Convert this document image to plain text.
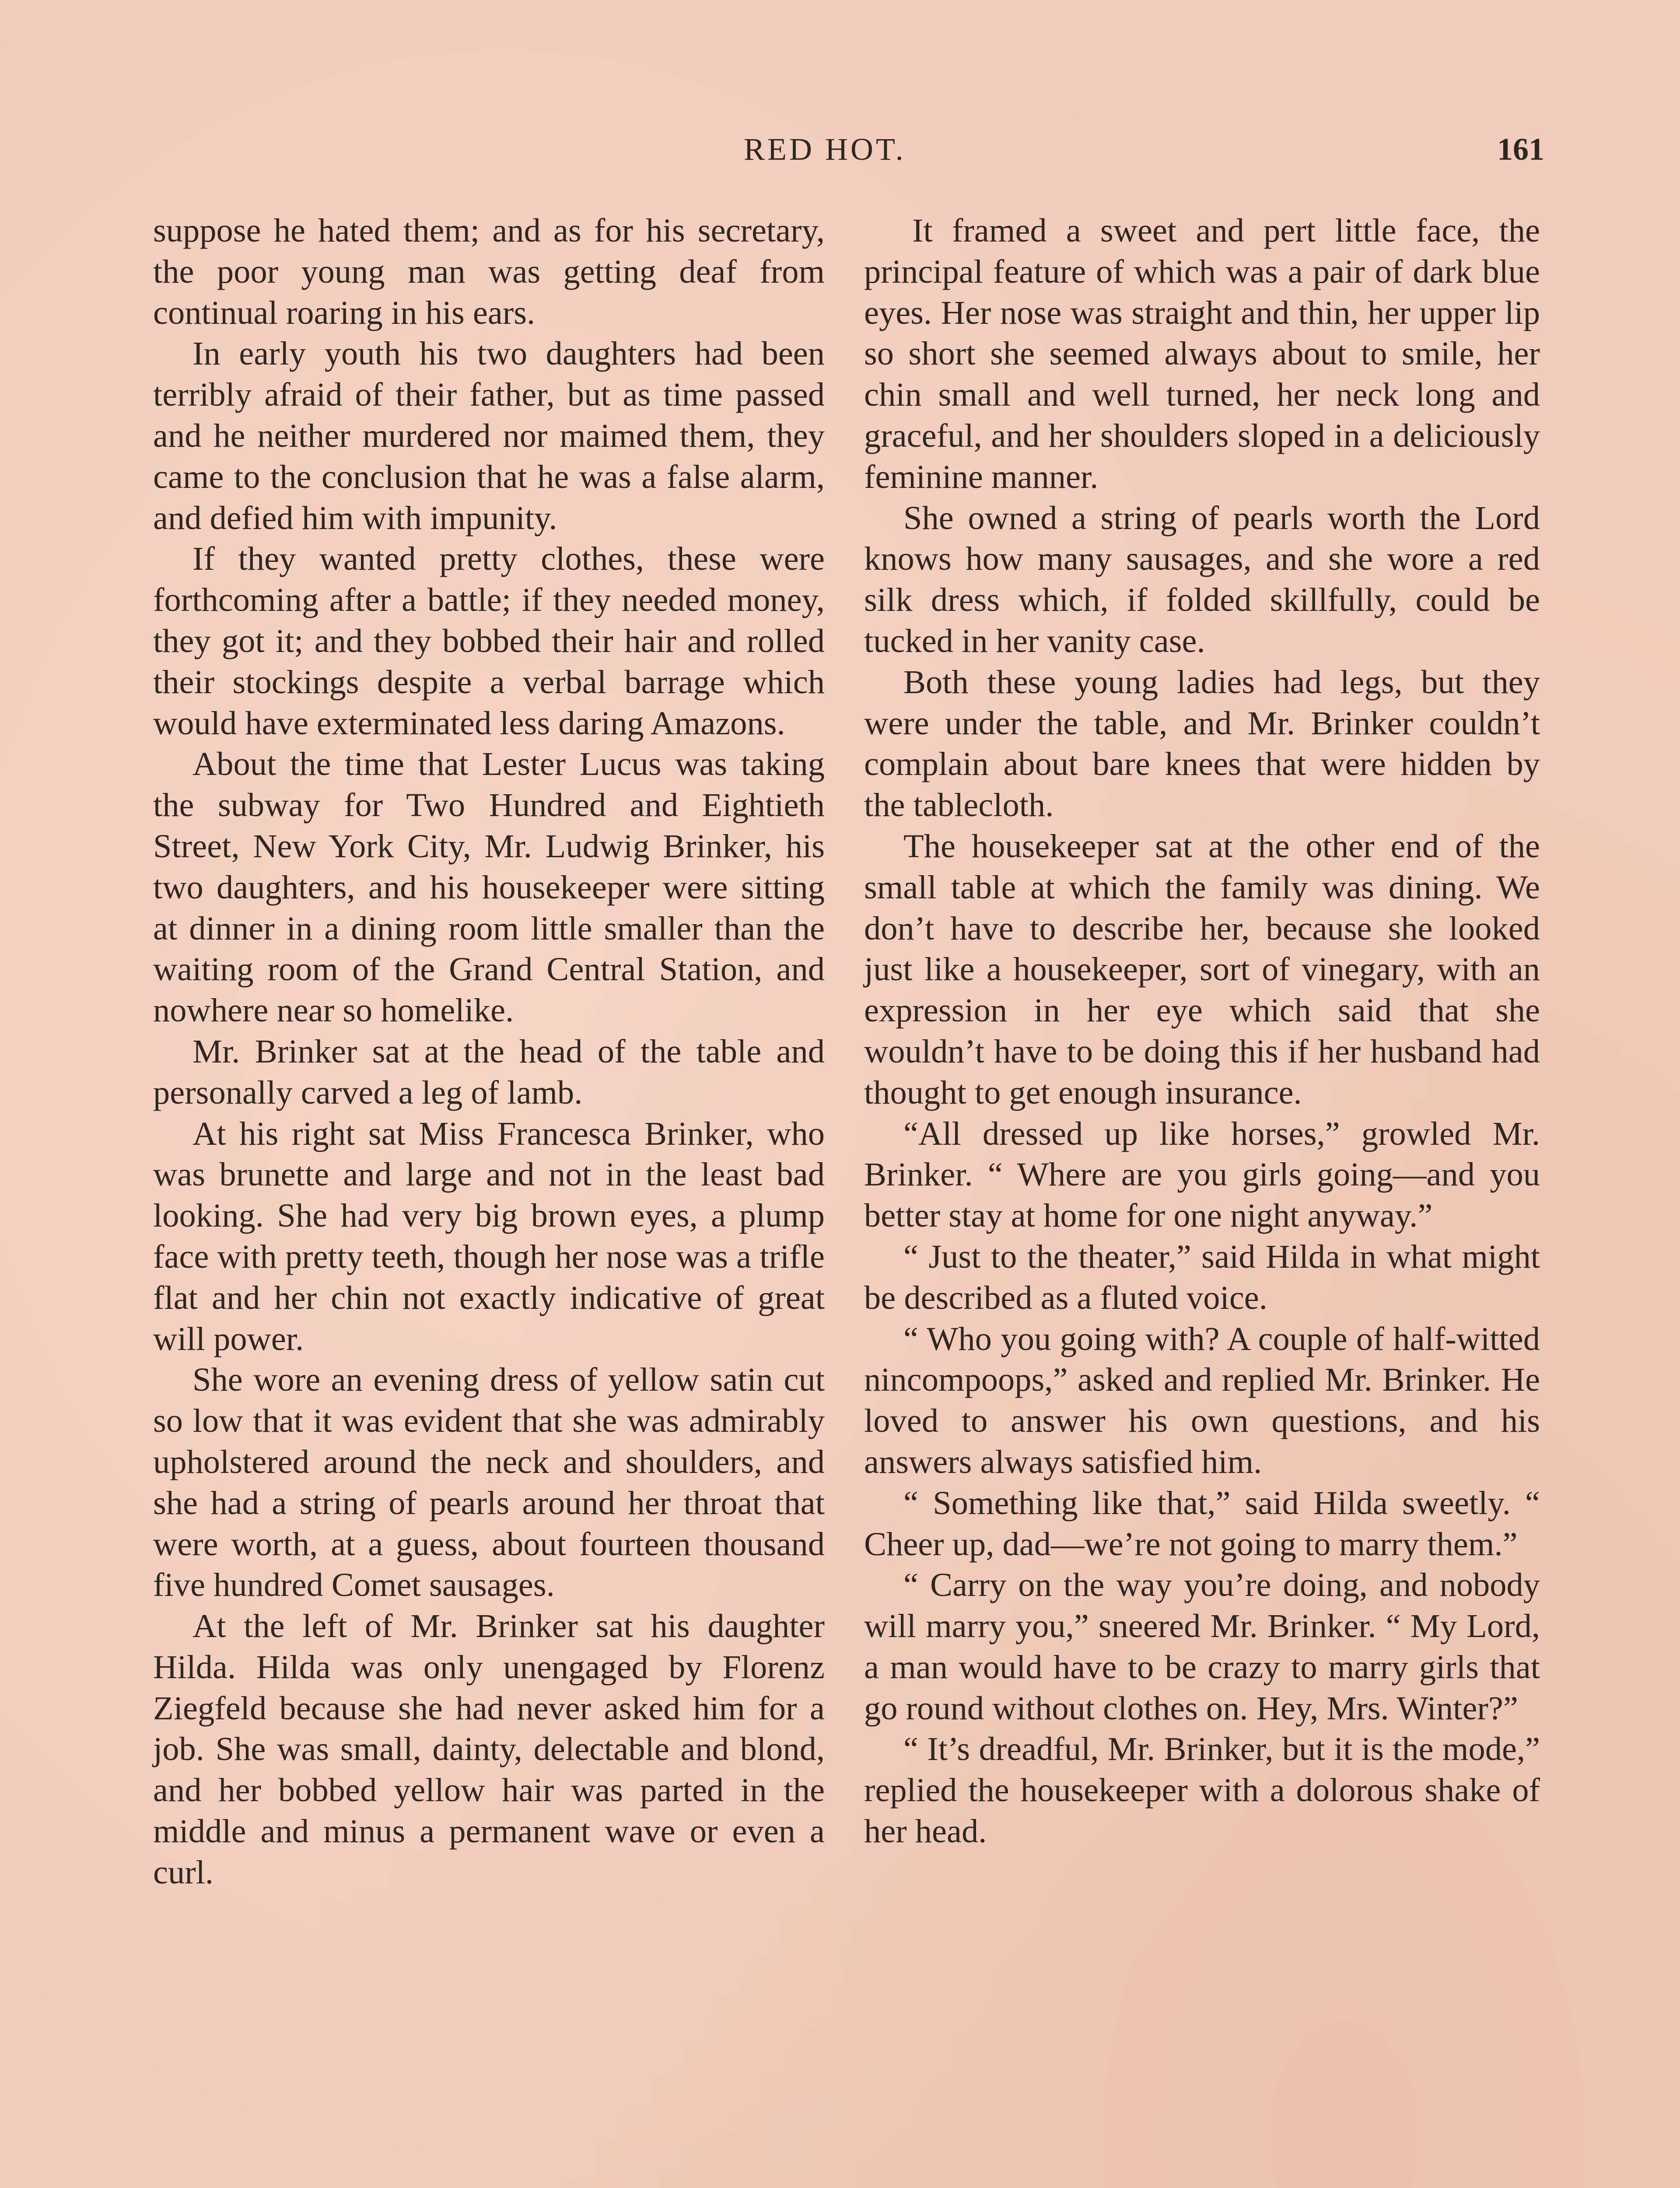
RED HOT.	161

suppose he hated them; and as for his secretary, the poor young man was getting deaf from continual roaring in his ears.

In early youth his two daughters had been terribly afraid of their father, but as time passed and he neither murdered nor maimed them, they came to the conclusion that he was a false alarm, and defied him with impunity.

If they wanted pretty clothes, these were forthcoming after a battle; if they needed money, they got it; and they bobbed their hair and rolled their stockings despite a verbal barrage which would have exterminated less daring Amazons.

About the time that Lester Lucus was taking the subway for Two Hundred and Eightieth Street, New York City, Mr. Ludwig Brinker, his two daughters, and his housekeeper were sitting at dinner in a dining room little smaller than the waiting room of the Grand Central Station, and nowhere near so homelike.

Mr. Brinker sat at the head of the table and personally carved a leg of lamb.

At his right sat Miss Francesca Brinker, who was brunette and large and not in the least bad looking. She had very big brown eyes, a plump face with pretty teeth, though her nose was a trifle flat and her chin not exactly indicative of great will power.

She wore an evening dress of yellow satin cut so low that it was evident that she was admirably upholstered around the neck and shoulders, and she had a string of pearls around her throat that were worth, at a guess, about fourteen thousand five hundred Comet sausages.

At the left of Mr. Brinker sat his daughter Hilda. Hilda was only unengaged by Florenz Ziegfeld because she had never asked him for a job. She was small, dainty, delectable and blond, and her bobbed yellow hair was parted in the middle and minus a permanent wave or even a curl.

It framed a sweet and pert little face, the principal feature of which was a pair of dark blue eyes. Her nose was straight and thin, her upper lip so short she seemed always about to smile, her chin small and well turned, her neck long and graceful, and her shoulders sloped in a deliciously feminine manner.

She owned a string of pearls worth the Lord knows how many sausages, and she wore a red silk dress which, if folded skillfully, could be tucked in her vanity case.

Both these young ladies had legs, but they were under the table, and Mr. Brinker couldn’t complain about bare knees that were hidden by the tablecloth.

The housekeeper sat at the other end of the small table at which the family was dining. We don’t have to describe her, because she looked just like a housekeeper, sort of vinegary, with an expression in her eye which said that she wouldn’t have to be doing this if her husband had thought to get enough insurance.

“All dressed up like horses,” growled Mr. Brinker. “ Where are you girls going—and you better stay at home for one night anyway.”

“ Just to the theater,” said Hilda in what might be described as a fluted voice.

“ Who you going with? A couple of half-witted nincompoops,” asked and replied Mr. Brinker. He loved to answer his own questions, and his answers always satisfied him.

“ Something like that,” said Hilda sweetly. “ Cheer up, dad—we’re not going to marry them.”

“ Carry on the way you’re doing, and nobody will marry you,” sneered Mr. Brinker. “ My Lord, a man would have to be crazy to marry girls that go round without clothes on. Hey, Mrs. Winter?”

“ It’s dreadful, Mr. Brinker, but it is the mode,” replied the housekeeper with a dolorous shake of her head.
